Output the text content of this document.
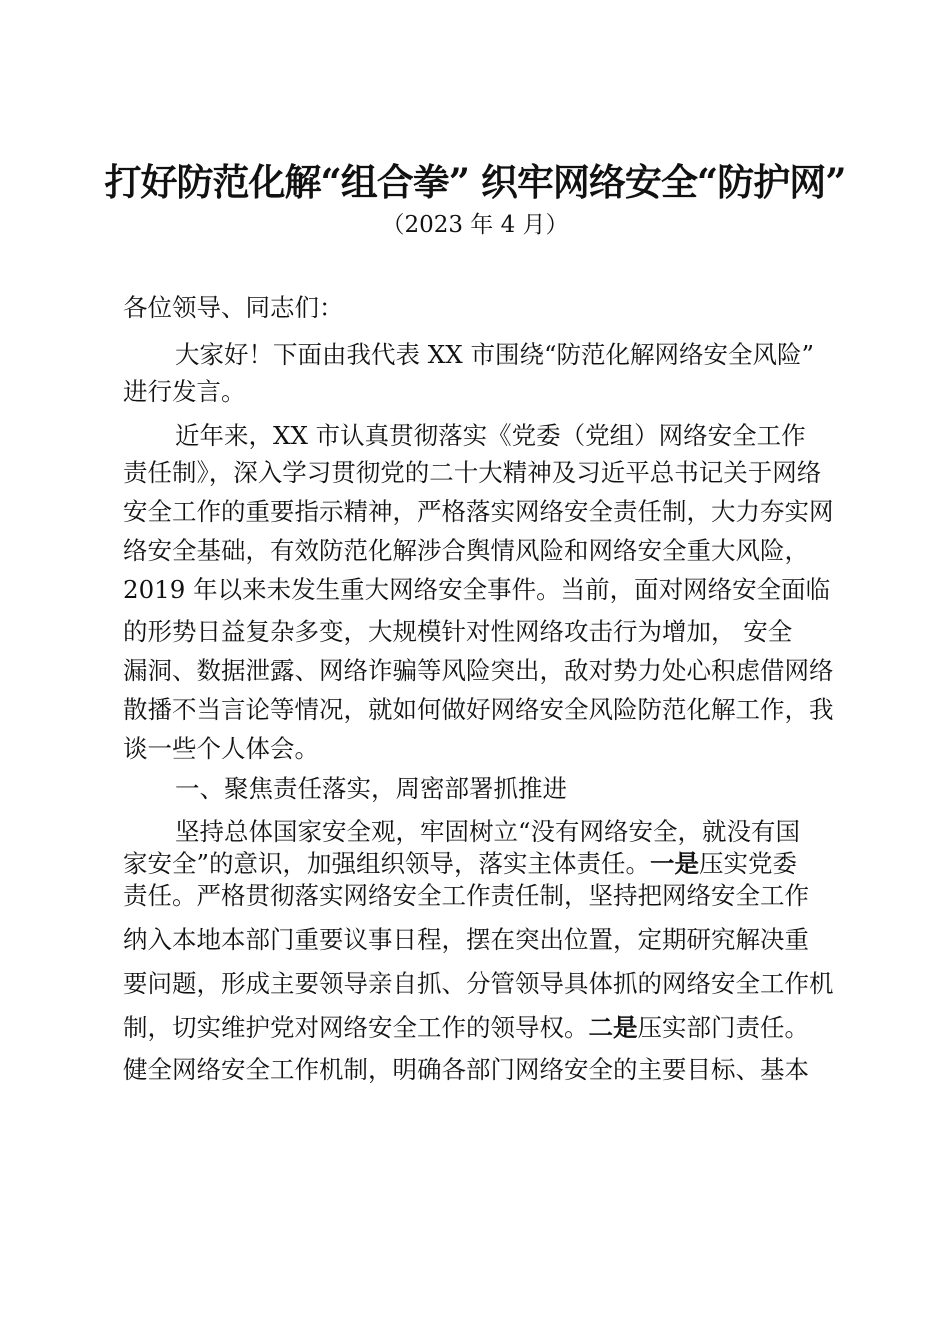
打好防范化解“组合拳” 织牢网络安全“防护网”
（2023 年 4 月）
各位领导、同志们：
大家好！下面由我代表 XX 市围绕“防范化解网络安全风险”
进行发言。
近年来，XX 市认真贯彻落实《党委（党组）网络安全工作
责任制》，深入学习贯彻党的二十大精神及习近平总书记关于网络
安全工作的重要指示精神，严格落实网络安全责任制，大力夯实网
络安全基础，有效防范化解涉合舆情风险和网络安全重大风险，
2019 年以来未发生重大网络安全事件。当前，面对网络安全面临
的形势日益复杂多变，大规模针对性网络攻击行为增加， 安全
漏洞、数据泄露、网络诈骗等风险突出，敌对势力处心积虑借网络
散播不当言论等情况，就如何做好网络安全风险防范化解工作，我
谈一些个人体会。
一、聚焦责任落实，周密部署抓推进
坚持总体国家安全观，牢固树立“没有网络安全，就没有国
家安全”的意识，加强组织领导，落实主体责任。一是压实党委
责任。严格贯彻落实网络安全工作责任制，坚持把网络安全工作
纳入本地本部门重要议事日程，摆在突出位置，定期研究解决重
要问题，形成主要领导亲自抓、分管领导具体抓的网络安全工作机
制，切实维护党对网络安全工作的领导权。二是压实部门责任。
健全网络安全工作机制，明确各部门网络安全的主要目标、基本
